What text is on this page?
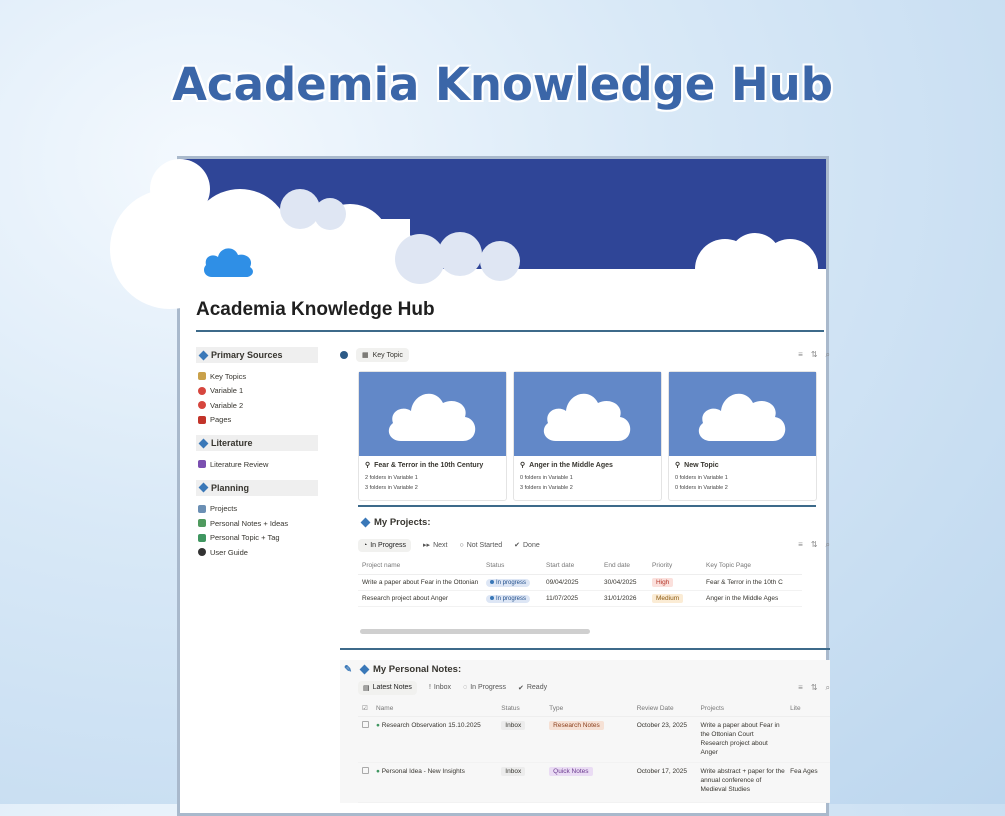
Academia Knowledge Hub
Academia Knowledge Hub
Primary Sources
Key Topics
Variable 1
Variable 2
Pages
Literature
Literature Review
Planning
Projects
Personal Notes + Ideas
Personal Topic + Tag
User Guide
▦ Key Topic	≡ ⇅ ⌕
⚲ Fear & Terror in the 10th Century
2 folders in Variable 1
3 folders in Variable 2
⚲ Anger in the Middle Ages
0 folders in Variable 1
3 folders in Variable 2
⚲ New Topic
0 folders in Variable 1
0 folders in Variable 2
My Projects:
◔ In Progress ▸▸ Next ○ Not Started ✔ Done	≡ ⇅ ⌕
Project name	Status	Start date	End date	Priority	Key Topic Page
Write a paper about Fear in the Ottonian	In progress	09/04/2025	30/04/2025	High	Fear & Terror in the 10th C
Research project about Anger	In progress	11/07/2025	31/01/2026	Medium	Anger in the Middle Ages
✎ My Personal Notes:
▤ Latest Notes ! Inbox ◌ In Progress ✔ Ready	≡ ⇅ ⌕
☑	Name	Status	Type	Review Date	Projects	Lite
	● Research Observation 15.10.2025	Inbox	Research Notes	October 23, 2025	Write a paper about Fear in the Ottonian Court
Research project about Anger	

	● Personal Idea - New Insights	Inbox	Quick Notes	October 17, 2025	Write abstract + paper for the annual conference of Medieval Studies	Fea Ages
